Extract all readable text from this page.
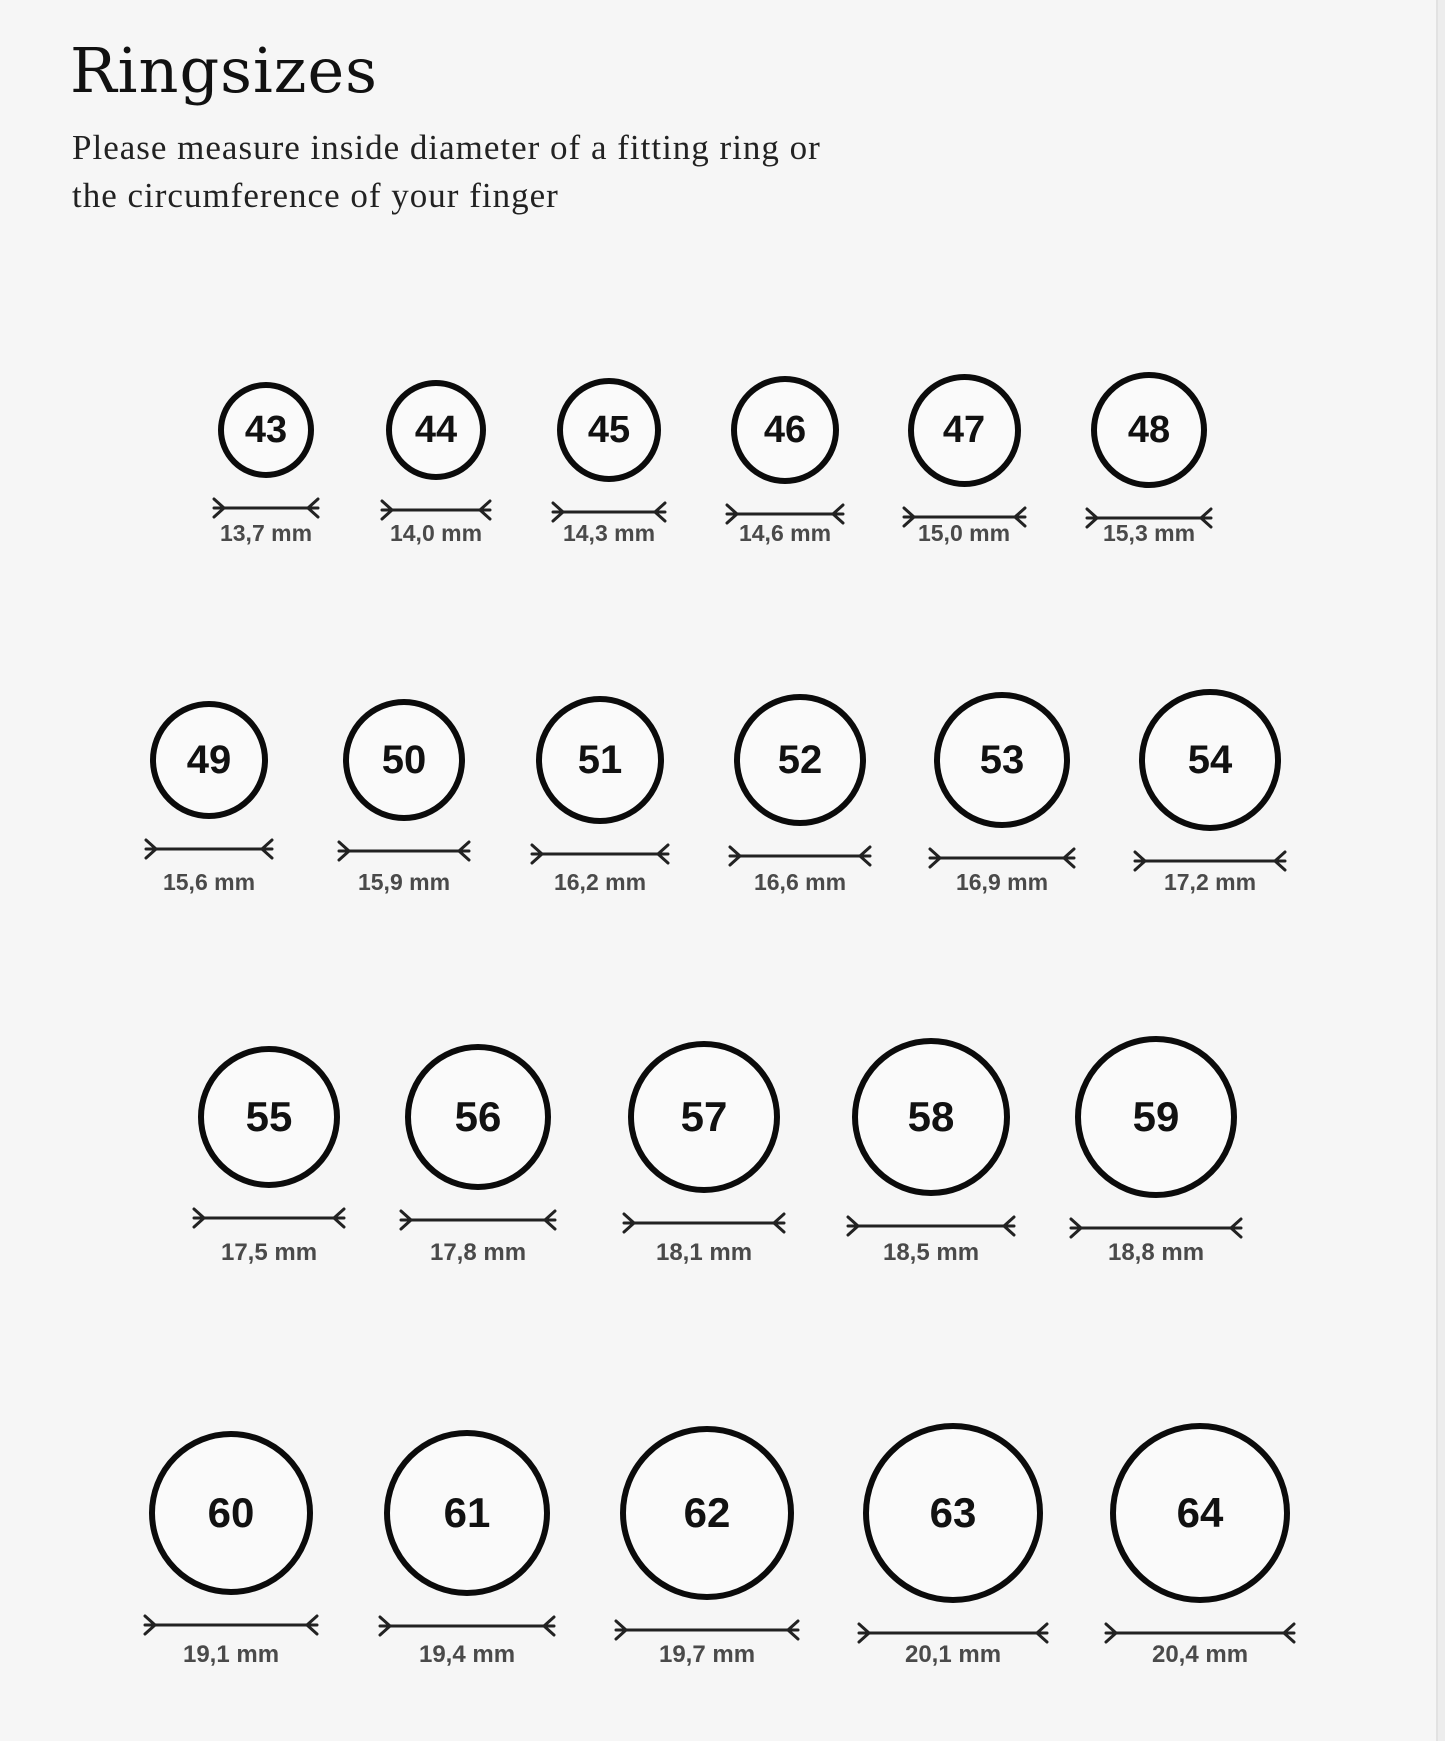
Ringsizes

Please measure inside diameter of a fitting ring or
the circumference of your finger

43
13,7 mm
44
14,0 mm
45
14,3 mm
46
14,6 mm
47
15,0 mm
48
15,3 mm
49
15,6 mm
50
15,9 mm
51
16,2 mm
52
16,6 mm
53
16,9 mm
54
17,2 mm
55
17,5 mm
56
17,8 mm
57
18,1 mm
58
18,5 mm
59
18,8 mm
60
19,1 mm
61
19,4 mm
62
19,7 mm
63
20,1 mm
64
20,4 mm
